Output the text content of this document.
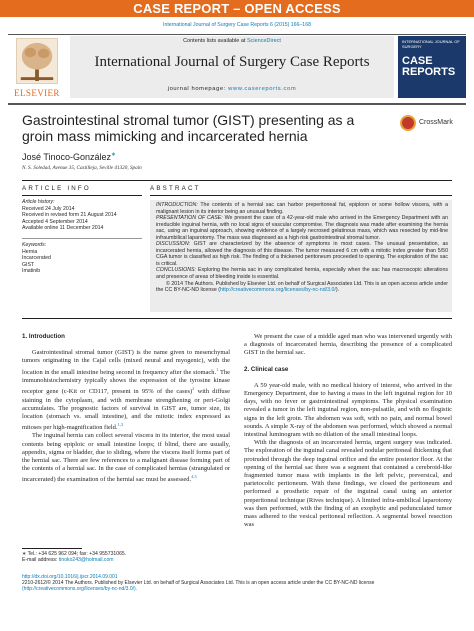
CASE REPORT – OPEN ACCESS
International Journal of Surgery Case Reports 6 (2015) 166–168
ELSEVIER
Contents lists available at ScienceDirect
International Journal of Surgery Case Reports
journal homepage: www.casereports.com
INTERNATIONAL JOURNAL OF SURGERY
CASE REPORTS
Gastrointestinal stromal tumor (GIST) presenting as a groin mass mimicking and incarcerated hernia
CrossMark
José Tinoco-González∗
N. S. Soledad, Avenue 35, Castilleja, Seville 41320, Spain
ARTICLE INFO	ABSTRACT
Article history:
Received 24 July 2014
Received in revised form 21 August 2014
Accepted 4 September 2014
Available online 11 December 2014
Keywords:
Hernia
Incarcerated
GIST
Imatinib

INTRODUCTION: The contents of a hernial sac can harbor preperitoneal fat, epiploon or some hollow viscera, with a malignant lesion in its interior being an unusual finding.

PRESENTATION OF CASE: We present the case of a 42-year-old male who arrived in the Emergency Department with an irreducible inguinal hernia, with no local signs of vascular compromise. The diagnosis was made after examining the hernia sac, using an inguinal approach, showing evidence of a largely necrosed gelatinous mass, which was resected by mid-line infraumbilical laparotomy. The mass was diagnosed as a high risk gastrointestinal stromal tumor.

DISCUSSION: GIST are characterized by the absence of symptoms in most cases. The unusual presentation, as incarcerated hernia, allowed the diagnosis of this disease. The tumor measured 6 cm with a mitotic index greater than 5/50 CGA tumor is classified as high risk. The finding of a thickened peritoneum proceeded to opening. The exploration of the sac is critical.

CONCLUSIONS: Exploring the hernia sac in any complicated hernia, especially when the sac has macroscopic alterations and presence of areas of bleeding inside is essential.

© 2014 The Authors. Published by Elsevier Ltd. on behalf of Surgical Associates Ltd. This is an open access article under the CC BY-NC-ND license (http://creativecommons.org/licenses/by-nc-nd/3.0/).

1. Introduction

Gastrointestinal stromal tumor (GIST) is the name given to mesenchymal tumors originating in the Cajal cells (mixed neural and myogenic), with the location in the small intestine being second in frequency after the stomach.$^1$ The immunohistochemistry typically shows the expression of the tyrosine kinase receptor gene (c-Kit or CD117, present in 95% of the cases)$^2$ with diffuse staining in the cytoplasm, and with membrane strengthening or peri-Golgi accumulates. The prognostic factors of survival in GIST are, tumor size, its location (stomach vs. small intestine), and the mitotic index expressed as mitoses per high-magnification field.$^{1,3}$

The inguinal hernia can collect several viscera in its interior, the most usual contents being epiploic or small intestine loops; if blind, there are usually, appendix, sigma or bladder, due to sliding, where the viscera itself forms part of the hernial sac. There are few references to a malignant disease forming part of the contents of a hernial sac. In the case of complicated hernias (strangulated or incarcerated) the examination of the hernial sac must be assessed.$^{4,5}$

We present the case of a middle aged man who was intervened urgently with a diagnosis of incarcerated hernia, describing the presence of a complicated GIST in the hernial sac.

2. Clinical case

A 59 year-old male, with no medical history of interest, who arrived in the Emergency Department, due to having a mass in the left inguinal region for 10 days, with no fever or gastrointestinal symptoms. The physical examination revealed a tumor in the left inguinal region, non-pulsatile, and with no flogistic signs in the left groin. The abdomen was soft, with no pain, and normal bowel sounds. A simple X-ray of the abdomen was performed, which showed a normal intestinal luminogram with no dilation of the small intestinal loops.

With the diagnosis of an incarcerated hernia, urgent surgery was indicated. The exploration of the inguinal canal revealed nodular peritoneal thickening that protruded through the deep inguinal orifice and the entire posterior floor. At the opening of the hernial sac there was a segment that contained a cerebroid-like fragmented tumor mass with implants in the left pelvic, preversical, and parietocolic peritoneum. With these findings, we closed the peritoneum and performed a prosthetic repair of the inguinal canal using an anterior preperitoneal technique (Rives technique). A limited infra-umbilical laparotomy was then performed, with the finding of an exophytic and pedunculated tumor mass adhered to the vesical peritoneal reflection. A segmental bowel resection was

∗ Tel.: +34 625 962 094; fax: +34 955731065.
E-mail address: tinoko243@hotmail.com
http://dx.doi.org/10.1016/j.ijscr.2014.09.001
2210-2612/© 2014 The Authors. Published by Elsevier Ltd. on behalf of Surgical Associates Ltd. This is an open access article under the CC BY-NC-ND license
(http://creativecommons.org/licenses/by-nc-nd/3.0/).
